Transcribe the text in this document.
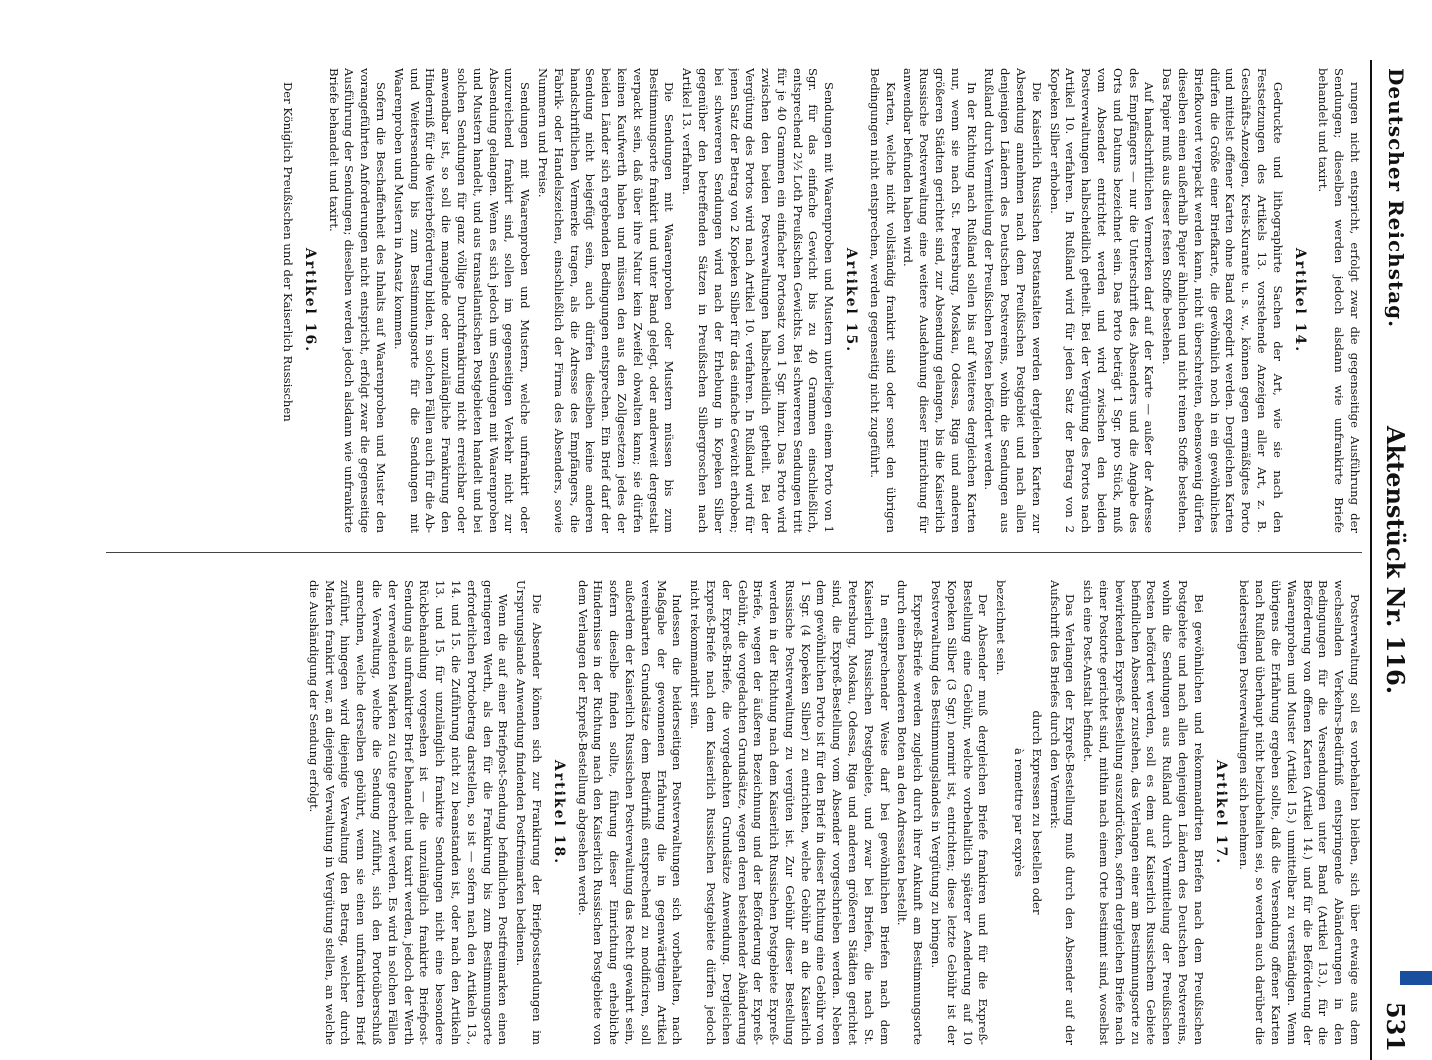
Deutscher Reichstag.
Aktenstück Nr. 116.
531

rungen nicht entspricht, erfolgt zwar die gegenseitige Ausführung der Sendungen; dieselben werden jedoch alsdann wie unfrankirte Briefe behandelt und taxirt.

Artikel 14.

Gedruckte und lithographirte Sachen der Art, wie sie nach den Festsetzungen des Artikels 13. vorstehende Anzeigen aller Art, z. B. Geschäfts-Anzeigen, Kreis-Kurante u. s. w., können gegen ermäßigtes Porto und mittelst offener Karten ohne Band expedirt werden. Dergleichen Karten dürfen die Größe einer Briefkarte, die gewöhnlich noch in ein gewöhnliches Briefkouvert verpackt werden kann, nicht überschreiten, ebensowenig dürfen dieselben einen außerhalb Papier ähnlichen und nicht reinen Stoffe bestehen. Das Papier muß aus dieser festen Stoffe bestehen.

Auf handschriftlichen Vermerken darf auf der Karte — außer der Adresse des Empfängers — nur die Unterschrift des Absenders und die Angabe des Orts und Datums bezeichnet sein. Das Porto beträgt 1 Sgr. pro Stück, muß vom Absender entrichtet werden und wird zwischen den beiden Postverwaltungen halbscheidlich getheilt. Bei der Vergütung des Portos nach Artikel 10. verfahren. In Rußland wird für jeden Satz der Betrag von 2 Kopeken Silber erhoben.

Die Kaiserlich Russischen Postanstalten werden dergleichen Karten zur Absendung annehmen nach dem Preußischen Postgebiet und nach allen denjenigen Ländern des Deutschen Postvereins, wohin die Sendungen aus Rußland durch Vermittelung der Preußischen Posten befördert werden.

In der Richtung nach Rußland sollen bis auf Weiteres dergleichen Karten nur, wenn sie nach St. Petersburg, Moskau, Odessa, Riga und anderen größeren Städten gerichtet sind, zur Absendung gelangen, bis die Kaiserlich Russische Postverwaltung eine weitere Ausdehnung dieser Einrichtung für anwendbar befunden haben wird.

Karten, welche nicht vollständig frankirt sind oder sonst den übrigen Bedingungen nicht entsprechen, werden gegenseitig nicht zugeführt.

Artikel 15.

Sendungen mit Waarenproben und Mustern unterliegen einem Porto von 1 Sgr. für das einfache Gewicht bis zu 40 Grammen einschließlich, entsprechend 2½ Loth Preußischen Gewichts. Bei schwereren Sendungen tritt für je 40 Grammen ein einfacher Portosatz von 1 Sgr. hinzu. Das Porto wird zwischen den beiden Postverwaltungen halbscheidlich getheilt. Bei der Vergütung des Portos wird nach Artikel 10. verfahren. In Rußland wird für jenen Satz der Betrag von 2 Kopeken Silber für das einfache Gewicht erhoben; bei schwereren Sendungen wird nach der Erhebung in Kopeken Silber gegenüber den betreffenden Sätzen in Preußischen Silbergroschen nach Artikel 13. verfahren.

Die Sendungen mit Waarenproben oder Mustern müssen bis zum Bestimmungsorte frankirt und unter Band gelegt, oder anderweit dergestalt verpackt sein, daß über ihre Natur kein Zweifel obwalten kann; sie dürfen keinen Kaufwerth haben und müssen den aus den Zollgesetzen jedes der beiden Länder sich ergebenden Bedingungen entsprechen. Ein Brief darf der Sendung nicht beigefügt sein, auch dürfen dieselben keine anderen handschriftlichen Vermerke tragen, als die Adresse des Empfängers, die Fabrik- oder Handelszeichen, einschließlich der Firma des Absenders, sowie Nummern und Preise.

Sendungen mit Waarenproben und Mustern, welche unfrankirt oder unzureichend frankirt sind, sollen im gegenseitigen Verkehr nicht zur Absendung gelangen. Wenn es sich jedoch um Sendungen mit Waarenproben und Mustern handelt, und aus transatlantischen Postgebieten handelt und bei solchen Sendungen für ganz völlige Durchfrankirung nicht erreichbar oder anwendbar ist, so soll die mangelnde oder unzulängliche Frankirung den Hinderniß für die Weiterbeförderung bilden, in solchen Fällen auch für die Ab- und Weitersendung bis zum Bestimmungsorte für die Sendungen mit Waarenproben und Mustern in Ansatz kommen.

Sofern die Beschaffenheit des Inhalts auf Waarenproben und Muster den vorangeführten Anforderungen nicht entspricht, erfolgt zwar die gegenseitige Ausführung der Sendungen; dieselben werden jedoch alsdann wie unfrankirte Briefe behandelt und taxirt.

Artikel 16.

Der Königlich Preußischen und der Kaiserlich Russischen

Postverwaltung soll es vorbehalten bleiben, sich über etwaige aus dem wechselnden Verkehrs-Bedürfniß entspringende Abänderungen in den Bedingungen für die Versendungen unter Band (Artikel 13.), für die Beförderung von offenen Karten (Artikel 14.) und für die Beförderung der Waarenproben und Muster (Artikel 15.) unmittelbar zu verständigen. Wenn übrigens die Erfahrung ergeben sollte, daß die Versendung offener Karten nach Rußland überhaupt nicht beizubehalten sei, so werden auch darüber die beiderseitigen Postverwaltungen sich benehmen.

Artikel 17.

Bei gewöhnlichen und rekommandirten Briefen nach dem Preußischen Postgebiete und nach allen denjenigen Ländern des Deutschen Postvereins, wohin die Sendungen aus Rußland durch Vermittelung der Preußischen Posten befördert werden, soll es dem auf Kaiserlich Russischem Gebiete befindlichen Absender zustehen, das Verlangen einer am Bestimmungsorte zu bewirkenden Expreß-Bestellung auszudrücken, sofern dergleichen Briefe nach einer Postorte gerichtet sind, mithin nach einem Orte bestimmt sind, woselbst sich eine Post-Anstalt befindet.

Das Verlangen der Expreß-Bestellung muß durch den Absender auf der Aufschrift des Briefes durch den Vermerk:

durch Expressen zu bestellen oder

à remettre par exprès

bezeichnet sein.

Der Absender muß dergleichen Briefe frankiren und für die Expreß-Bestellung eine Gebühr, welche vorbehaltlich späterer Aenderung auf 10 Kopeken Silber (3 Sgr.) normirt ist, entrichten; diese letzte Gebühr ist der Postverwaltung des Bestimmungslandes in Vergütung zu bringen.

Expreß-Briefe werden zugleich durch ihrer Ankunft am Bestimmungsorte durch einen besonderen Boten an den Adressaten bestellt.

In entsprechender Weise darf bei gewöhnlichen Briefen nach dem Kaiserlich Russischen Postgebiete, und zwar bei Briefen, die nach St. Petersburg, Moskau, Odessa, Riga und anderen größeren Städten gerichtet sind, die Expreß-Bestellung vom Absender vorgeschrieben werden. Neben dem gewöhnlichen Porto ist für den Brief in dieser Richtung eine Gebühr von 1 Sgr. (4 Kopeken Silber) zu entrichten, welche Gebühr an die Kaiserlich Russische Postverwaltung zu vergüten ist. Zur Gebühr dieser Bestellung werden in der Richtung nach dem Kaiserlich Russischen Postgebiete Expreß-Briefe, wegen der äußeren Bezeichnung und der Beförderung der Expreß-Gebühr, die vorgedachten Grundsätze, wegen deren bestehender Abänderung der Expreß-Briefe, die vorgedachten Grundsätze Anwendung. Dergleichen Expreß-Briefe nach dem Kaiserlich Russischen Postgebiete dürfen jedoch nicht rekommandirt sein.

Indessen die beiderseitigen Postverwaltungen sich vorbehalten, nach Maßgabe der gewonnenen Erfahrung die in gegenwärtigem Artikel vereinbarten Grundsätze dem Bedürfniß entsprechend zu modificiren, soll außerdem der Kaiserlich Russischen Postverwaltung das Recht gewahrt sein, sofern dieselbe finden sollte, führung dieser Einrichtung erhebliche Hindernisse in der Richtung nach den Kaiserlich Russischen Postgebiete von dem Verlangen der Expreß-Bestellung abgesehen werde.

Artikel 18.

Die Absender können sich zur Frankirung der Briefpostsendungen im Ursprungslande Anwendung findenden Postfreimarken bedienen.

Wenn die auf einer Briefpost-Sendung befindlichen Postfreimarken einen geringeren Werth, als den für die Frankirung bis zum Bestimmungsorte erforderlichen Portobetrag darstellen, so ist — sofern nach den Artikeln 13., 14. und 15. die Zuführung nicht zu beanstanden ist, oder nach den Artikeln 13. und 15. für unzulänglich frankirte Sendungen nicht eine besondere Rückbehandlung vorgesehen ist — die unzulänglich frankirte Briefpost-Sendung als unfrankirter Brief behandelt und taxirt werden, jedoch der Werth der verwendeten Marken zu Gute gerechnet werden. Es wird in solchen Fällen die Verwaltung, welche die Sendung zuführt, sich den Portoüberschuß anrechnen, welche derselben gebührt, wenn sie einen unfrankirten Brief zuführt, hingegen wird diejenige Verwaltung den Betrag, welcher durch Marken frankirt war, an diejenige Verwaltung in Vergütung stellen, an welche die Aushändigung der Sendung erfolgt.
